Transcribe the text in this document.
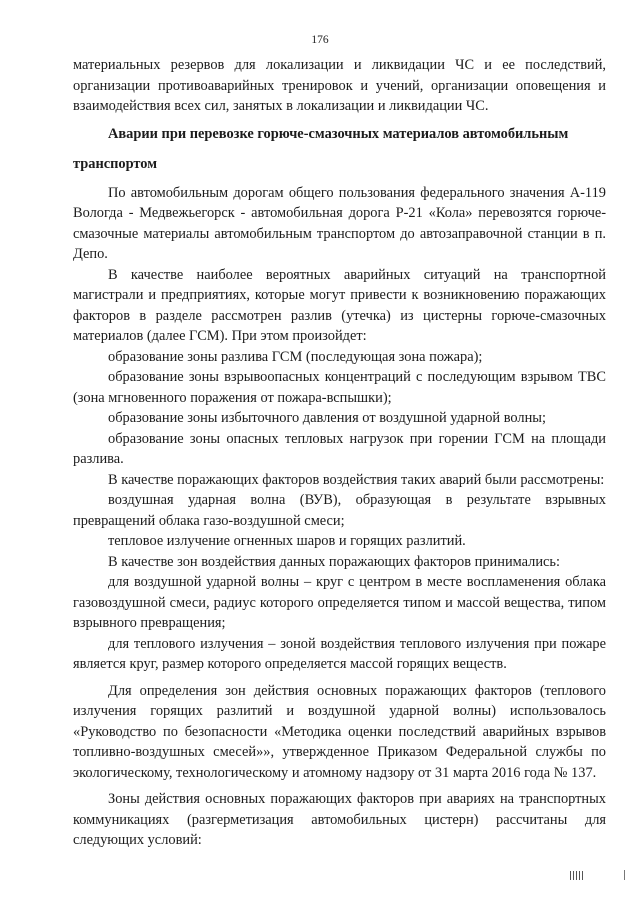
176

материальных резервов для локализации и ликвидации ЧС и ее последствий, организации противоаварийных тренировок и учений, организации оповещения и взаимодействия всех сил, занятых в локализации и ликвидации ЧС.

Аварии при перевозке горюче-смазочных материалов автомобильным транспортом

По автомобильным дорогам общего пользования федерального значения А-119 Вологда - Медвежьегорск - автомобильная дорога Р-21 «Кола» перевозятся горюче-смазочные материалы автомобильным транспортом до автозаправочной станции в п. Депо.

В качестве наиболее вероятных аварийных ситуаций на транспортной магистрали и предприятиях, которые могут привести к возникновению поражающих факторов в разделе рассмотрен разлив (утечка) из цистерны горюче-смазочных материалов (далее ГСМ). При этом произойдет:

образование зоны разлива ГСМ (последующая зона пожара);

образование зоны взрывоопасных концентраций с последующим взрывом ТВС (зона мгновенного поражения от пожара-вспышки);

образование зоны избыточного давления от воздушной ударной волны;

образование зоны опасных тепловых нагрузок при горении ГСМ на площади разлива.

В качестве поражающих факторов воздействия таких аварий были рассмотрены:

воздушная ударная волна (ВУВ), образующая в результате взрывных превращений облака газо-воздушной смеси;

тепловое излучение огненных шаров и горящих разлитий.

В качестве зон воздействия данных поражающих факторов принимались:

для воздушной ударной волны – круг с центром в месте воспламенения облака газовоздушной смеси, радиус которого определяется типом и массой вещества, типом взрывного превращения;

для теплового излучения – зоной воздействия теплового излучения при пожаре является круг, размер которого определяется массой горящих веществ.

Для определения зон действия основных поражающих факторов (теплового излучения горящих разлитий и воздушной ударной волны) использовалось «Руководство по безопасности «Методика оценки последствий аварийных взрывов топливно-воздушных смесей»», утвержденное Приказом Федеральной службы по экологическому, технологическому и атомному надзору от 31 марта 2016 года № 137.

Зоны действия основных поражающих факторов при авариях на транспортных коммуникациях (разгерметизация автомобильных цистерн) рассчитаны для следующих условий:
